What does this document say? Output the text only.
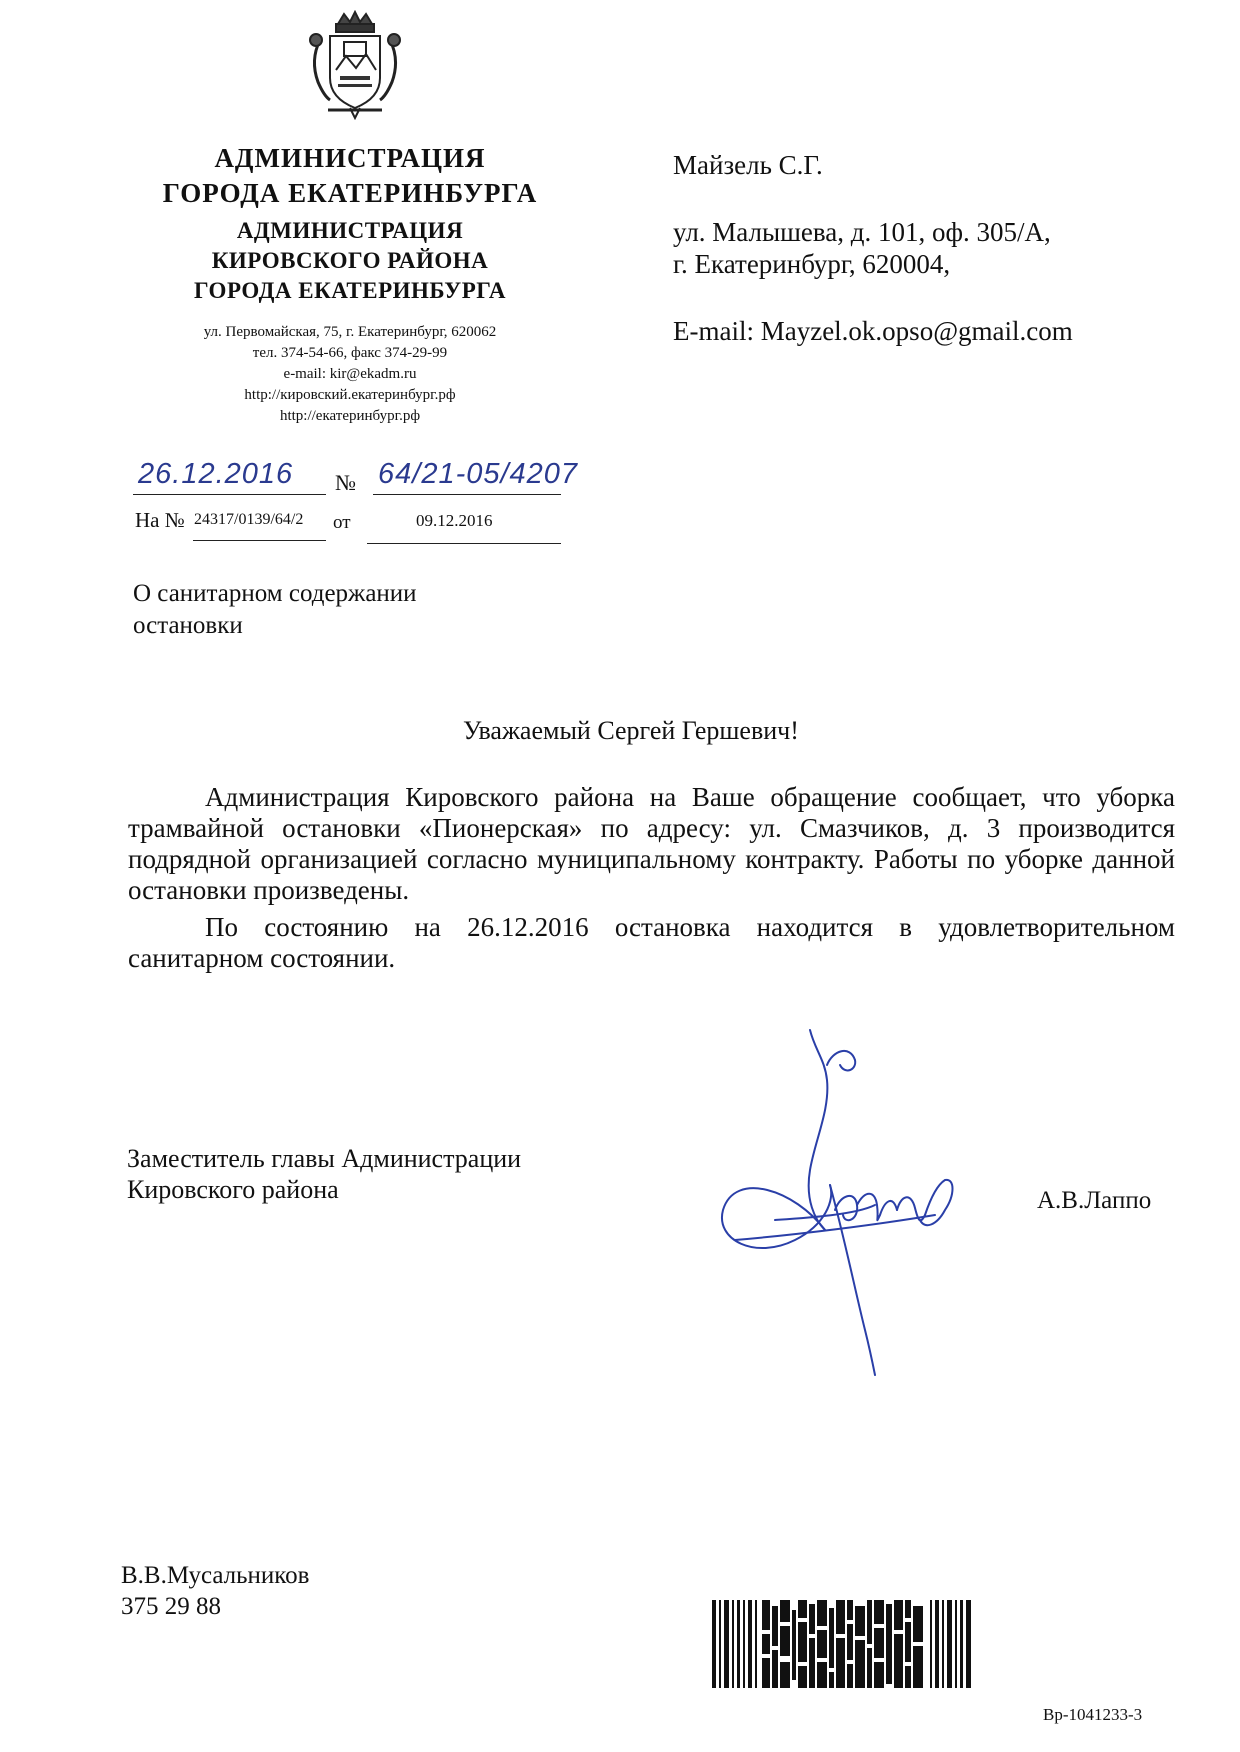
АДМИНИСТРАЦИЯ
ГОРОДА ЕКАТЕРИНБУРГА
АДМИНИСТРАЦИЯ
КИРОВСКОГО РАЙОНА
ГОРОДА ЕКАТЕРИНБУРГА
ул. Первомайская, 75, г. Екатеринбург, 620062
тел. 374-54-66, факс 374-29-99
e-mail: kir@ekadm.ru
http://кировский.екатеринбург.рф
http://екатеринбург.рф
26.12.2016 № 64/21-05/4207
На № 24317/0139/64/2	от	09.12.2016
Майзель С.Г.
ул. Малышева, д. 101, оф. 305/А,
г. Екатеринбург, 620004,
E-mail: Mayzel.ok.opso@gmail.com
О санитарном содержании
остановки
Уважаемый Сергей Гершевич!
Администрация Кировского района на Ваше обращение сообщает, что уборка трамвайной остановки «Пионерская» по адресу: ул. Смазчиков, д. 3 производится подрядной организацией согласно муниципальному контракту. Работы по уборке данной остановки произведены.
По состоянию на 26.12.2016 остановка находится в удовлетворительном санитарном состоянии.
Заместитель главы Администрации
Кировского района	А.В.Лаппо
В.В.Мусальников
375 29 88
Вр-1041233-3
